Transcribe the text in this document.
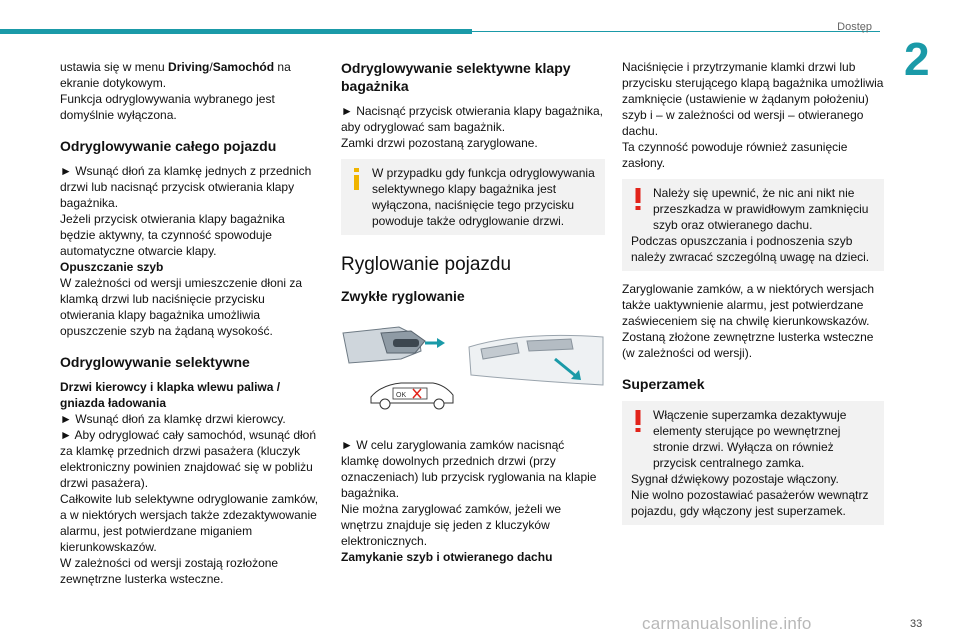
Dostęp
2

ustawia się w menu Driving/Samochód na ekranie dotykowym.

Funkcja odryglowywania wybranego jest domyślnie wyłączona.

Odryglowywanie całego pojazdu

► Wsunąć dłoń za klamkę jednych z przednich drzwi lub nacisnąć przycisk otwierania klapy bagażnika.

Jeżeli przycisk otwierania klapy bagażnika będzie aktywny, ta czynność spowoduje automatyczne otwarcie klapy.

Opuszczanie szyb

W zależności od wersji umieszczenie dłoni za klamką drzwi lub naciśnięcie przycisku otwierania klapy bagażnika umożliwia opuszczenie szyb na żądaną wysokość.

Odryglowywanie selektywne

Drzwi kierowcy i klapka wlewu paliwa / gniazda ładowania

► Wsunąć dłoń za klamkę drzwi kierowcy.

► Aby odryglować cały samochód, wsunąć dłoń za klamkę przednich drzwi pasażera (kluczyk elektroniczny powinien znajdować się w pobliżu drzwi pasażera).

Całkowite lub selektywne odryglowanie zamków, a w niektórych wersjach także zdezaktywowanie alarmu, jest potwierdzane miganiem kierunkowskazów.

W zależności od wersji zostają rozłożone zewnętrzne lusterka wsteczne.

Odryglowywanie selektywne klapy bagażnika

► Nacisnąć przycisk otwierania klapy bagażnika, aby odryglować sam bagażnik.

Zamki drzwi pozostaną zaryglowane.

W przypadku gdy funkcja odryglowywania selektywnego klapy bagażnika jest wyłączona, naciśnięcie tego przycisku powoduje także odryglowanie drzwi.

Ryglowanie pojazdu
Zwykłe ryglowanie
OK

► W celu zaryglowania zamków nacisnąć klamkę dowolnych przednich drzwi (przy oznaczeniach) lub przycisk ryglowania na klapie bagażnika.

Nie można zaryglować zamków, jeżeli we wnętrzu znajduje się jeden z kluczyków elektronicznych.

Zamykanie szyb i otwieranego dachu

Naciśnięcie i przytrzymanie klamki drzwi lub przycisku sterującego klapą bagażnika umożliwia zamknięcie (ustawienie w żądanym położeniu) szyb i – w zależności od wersji – otwieranego dachu.

Ta czynność powoduje również zasunięcie zasłony.

Należy się upewnić, że nic ani nikt nie przeszkadza w prawidłowym zamknięciu szyb oraz otwieranego dachu.

Podczas opuszczania i podnoszenia szyb należy zwracać szczególną uwagę na dzieci.

Zaryglowanie zamków, a w niektórych wersjach także uaktywnienie alarmu, jest potwierdzane zaświeceniem się na chwilę kierunkowskazów.

Zostaną złożone zewnętrzne lusterka wsteczne (w zależności od wersji).

Superzamek

Włączenie superzamka dezaktywuje elementy sterujące po wewnętrznej stronie drzwi. Wyłącza on również przycisk centralnego zamka.

Sygnał dźwiękowy pozostaje włączony.

Nie wolno pozostawiać pasażerów wewnątrz pojazdu, gdy włączony jest superzamek.

carmanualsonline.info	33
